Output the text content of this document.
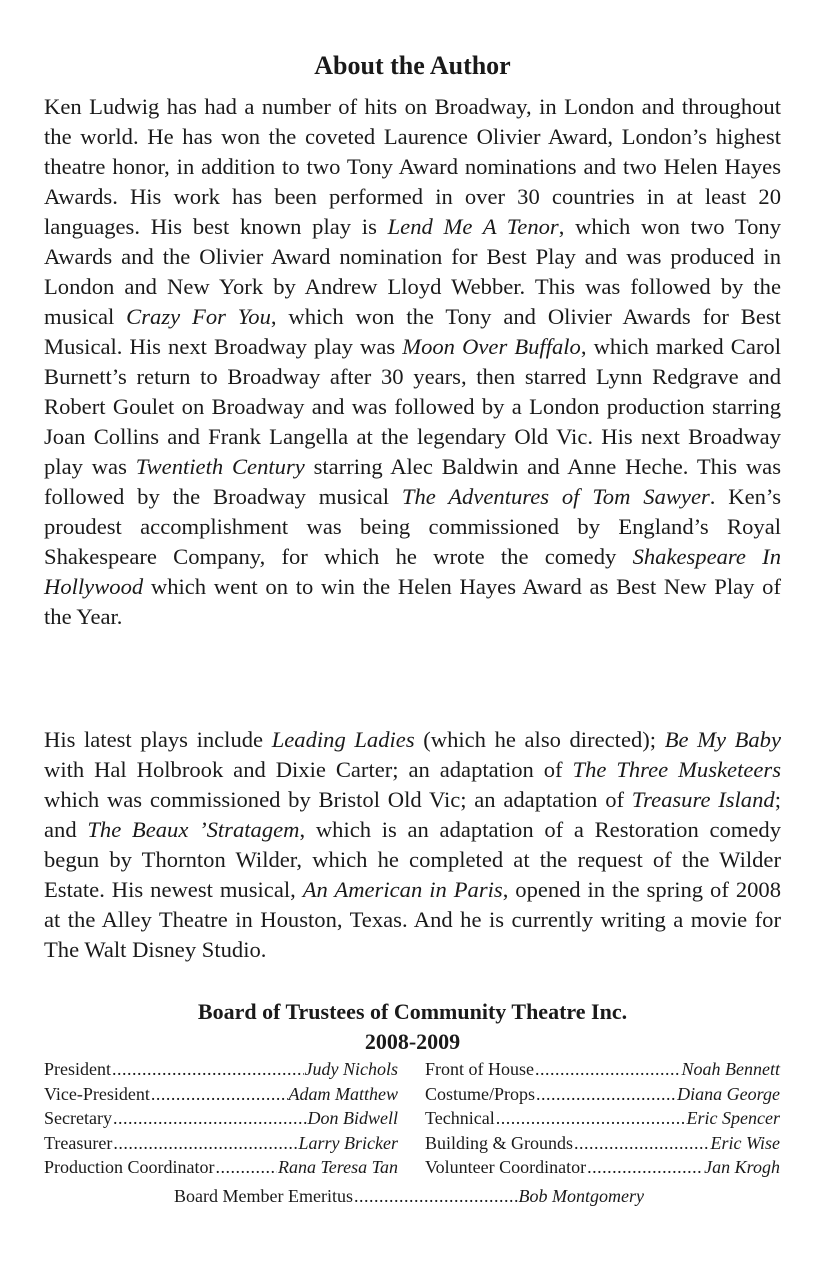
About the Author

Ken Ludwig has had a number of hits on Broadway, in London and throughout the world. He has won the coveted Laurence Olivier Award, London’s highest theatre honor, in addition to two Tony Award nominations and two Helen Hayes Awards. His work has been performed in over 30 countries in at least 20 languages. His best known play is Lend Me A Tenor, which won two Tony Awards and the Olivier Award nomination for Best Play and was produced in London and New York by Andrew Lloyd Webber. This was followed by the musical Crazy For You, which won the Tony and Olivier Awards for Best Musical. His next Broadway play was Moon Over Buffalo, which marked Carol Burnett’s return to Broadway after 30 years, then starred Lynn Redgrave and Robert Goulet on Broadway and was followed by a London production starring Joan Collins and Frank Langella at the legendary Old Vic. His next Broadway play was Twentieth Century starring Alec Baldwin and Anne Heche. This was followed by the Broadway musical The Adventures of Tom Sawyer. Ken’s proudest accomplishment was being commissioned by England’s Royal Shakespeare Company, for which he wrote the comedy Shakespeare In Hollywood which went on to win the Helen Hayes Award as Best New Play of the Year.

His latest plays include Leading Ladies (which he also directed); Be My Baby with Hal Holbrook and Dixie Carter; an adaptation of The Three Musketeers which was commissioned by Bristol Old Vic; an adaptation of Treasure Island; and The Beaux ’Stratagem, which is an adaptation of a Restoration comedy begun by Thornton Wilder, which he completed at the request of the Wilder Estate. His newest musical, An American in Paris, opened in the spring of 2008 at the Alley Theatre in Houston, Texas. And he is currently writing a movie for The Walt Disney Studio.

Board of Trustees of Community Theatre Inc.
2008-2009
President .....	Judy Nichols
Vice-President .....	Adam Matthew
Secretary .....	Don Bidwell
Treasurer .....	Larry Bricker
Production Coordinator .....	Rana Teresa Tan
Front of House .....	Noah Bennett
Costume/Props .....	Diana George
Technical .....	Eric Spencer
Building & Grounds .....	Eric Wise
Volunteer Coordinator .....	Jan Krogh
Board Member Emeritus .....	Bob Montgomery
